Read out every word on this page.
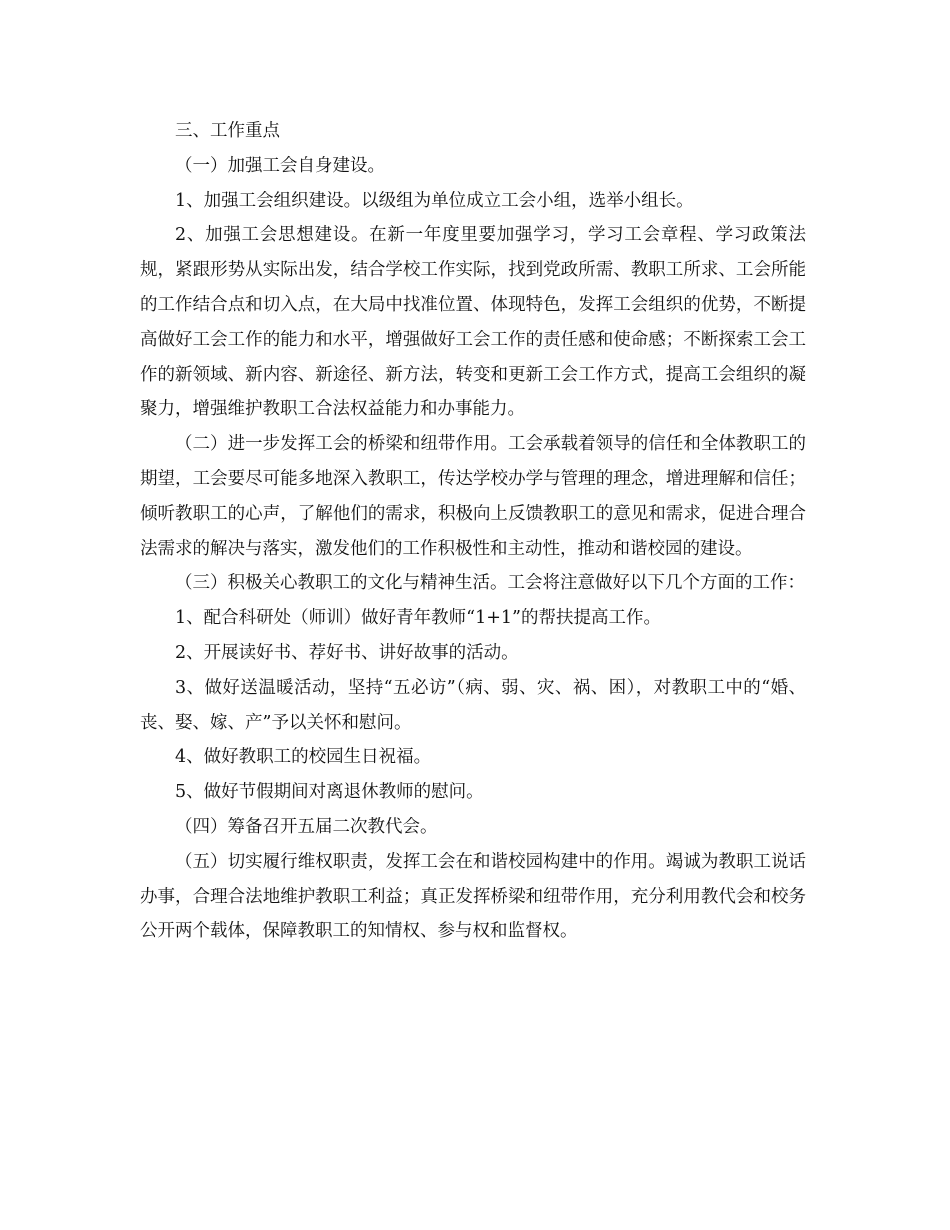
三、工作重点

（一）加强工会自身建设。

1、加强工会组织建设。以级组为单位成立工会小组，选举小组长。

2、加强工会思想建设。在新一年度里要加强学习，学习工会章程、学习政策法规，紧跟形势从实际出发，结合学校工作实际，找到党政所需、教职工所求、工会所能的工作结合点和切入点，在大局中找准位置、体现特色，发挥工会组织的优势，不断提高做好工会工作的能力和水平，增强做好工会工作的责任感和使命感；不断探索工会工作的新领域、新内容、新途径、新方法，转变和更新工会工作方式，提高工会组织的凝聚力，增强维护教职工合法权益能力和办事能力。

（二）进一步发挥工会的桥梁和纽带作用。工会承载着领导的信任和全体教职工的期望，工会要尽可能多地深入教职工，传达学校办学与管理的理念，增进理解和信任；倾听教职工的心声，了解他们的需求，积极向上反馈教职工的意见和需求，促进合理合法需求的解决与落实，激发他们的工作积极性和主动性，推动和谐校园的建设。

（三）积极关心教职工的文化与精神生活。工会将注意做好以下几个方面的工作：

1、配合科研处（师训）做好青年教师“1+1”的帮扶提高工作。

2、开展读好书、荐好书、讲好故事的活动。

3、做好送温暖活动，坚持“五必访”（病、弱、灾、祸、困），对教职工中的“婚、丧、娶、嫁、产”予以关怀和慰问。

4、做好教职工的校园生日祝福。

5、做好节假期间对离退休教师的慰问。

（四）筹备召开五届二次教代会。

（五）切实履行维权职责，发挥工会在和谐校园构建中的作用。竭诚为教职工说话办事，合理合法地维护教职工利益；真正发挥桥梁和纽带作用，充分利用教代会和校务公开两个载体，保障教职工的知情权、参与权和监督权。
